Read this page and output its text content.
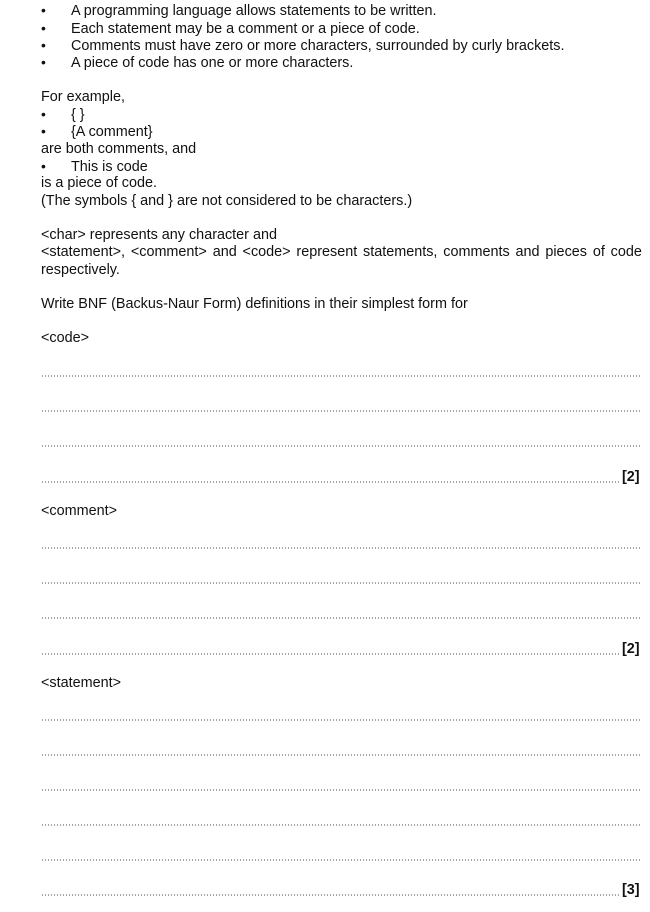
• A programming language allows statements to be written.
• Each statement may be a comment or a piece of code.
• Comments must have zero or more characters, surrounded by curly brackets.
• A piece of code has one or more characters.
For example,
• { }
• {A comment}
are both comments, and
• This is code
is a piece of code.
(The symbols { and } are not considered to be characters.)
<char> represents any character and
<statement>, <comment> and <code> represent statements, comments and pieces of code
respectively.
Write BNF (Backus-Naur Form) definitions in their simplest form for
<code>
[2]
<comment>
[2]
<statement>
[3]
